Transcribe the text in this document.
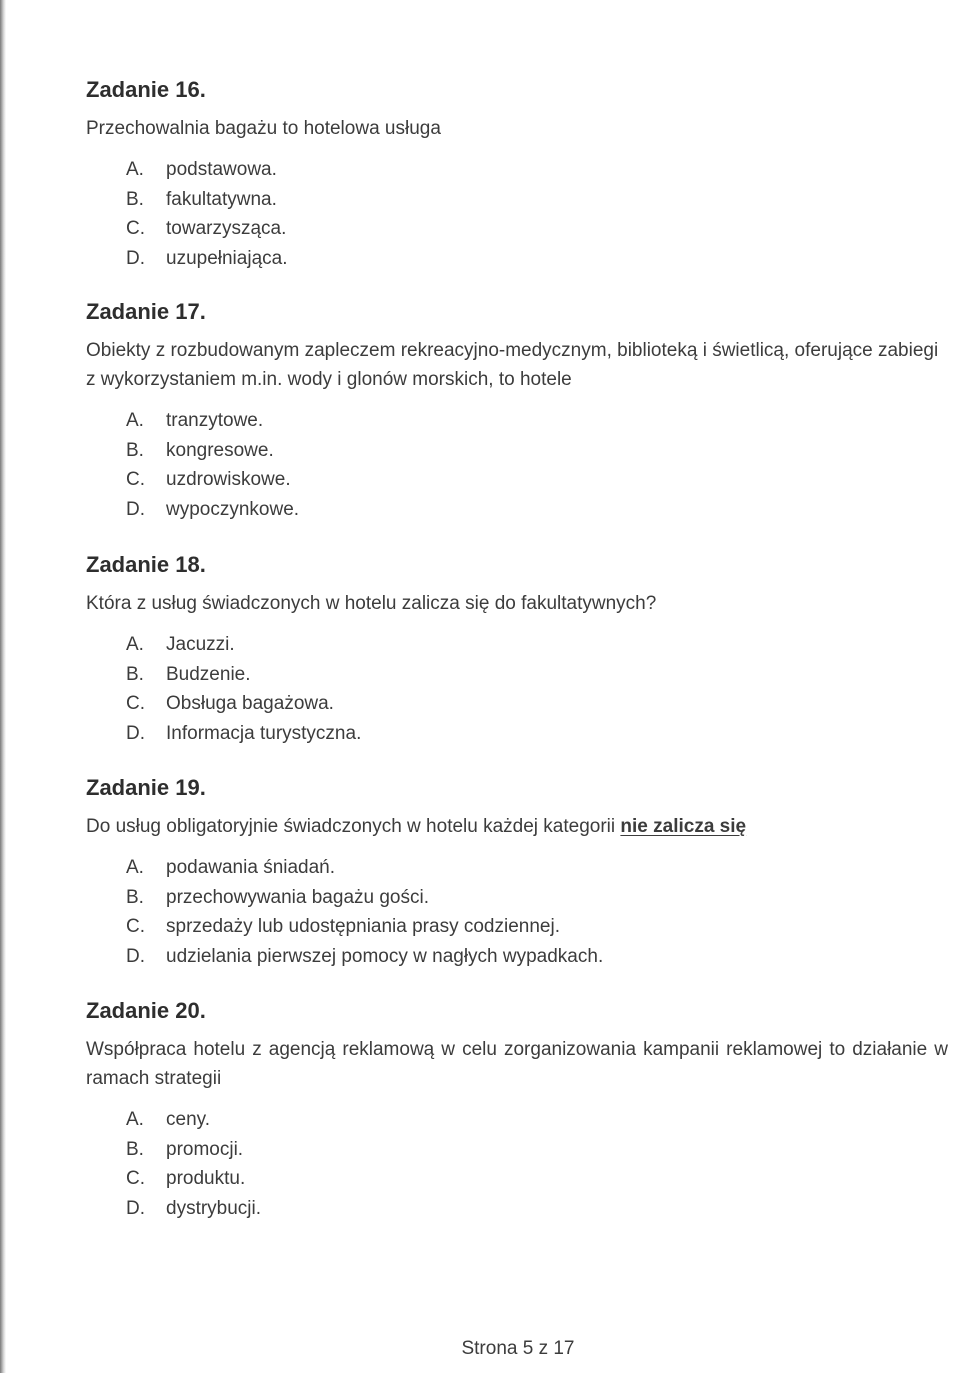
Zadanie 16.

Przechowalnia bagażu to hotelowa usługa

A.	podstawowa.
B.	fakultatywna.
C.	towarzysząca.
D.	uzupełniająca.
Zadanie 17.

Obiekty z rozbudowanym zapleczem rekreacyjno-medycznym, biblioteką i świetlicą, oferujące zabiegi z wykorzystaniem m.in. wody i glonów morskich, to hotele

A.	tranzytowe.
B.	kongresowe.
C.	uzdrowiskowe.
D.	wypoczynkowe.
Zadanie 18.

Która z usług świadczonych w hotelu zalicza się do fakultatywnych?

A.	Jacuzzi.
B.	Budzenie.
C.	Obsługa bagażowa.
D.	Informacja turystyczna.
Zadanie 19.

Do usług obligatoryjnie świadczonych w hotelu każdej kategorii nie zalicza się

A.	podawania śniadań.
B.	przechowywania bagażu gości.
C.	sprzedaży lub udostępniania prasy codziennej.
D.	udzielania pierwszej pomocy w nagłych wypadkach.
Zadanie 20.

Współpraca hotelu z agencją reklamową w celu zorganizowania kampanii reklamowej to działanie w ramach strategii

A.	ceny.
B.	promocji.
C.	produktu.
D.	dystrybucji.
Strona 5 z 17
